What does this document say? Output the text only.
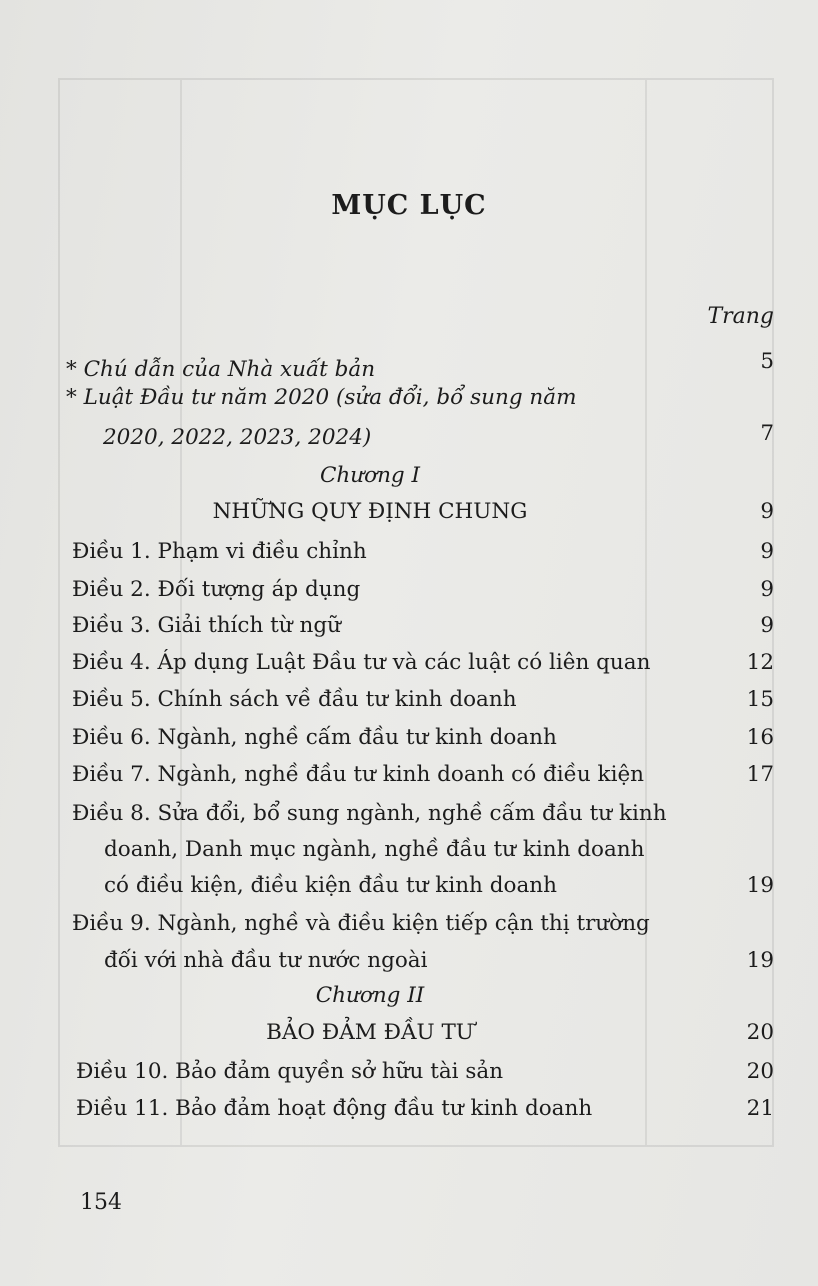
MỤC LỤC
Trang
* Chú dẫn của Nhà xuất bản	5
* Luật Đầu tư năm 2020 (sửa đổi, bổ sung năm
2020, 2022, 2023, 2024)	7
Chương I
NHỮNG QUY ĐỊNH CHUNG	9
Điều 1. Phạm vi điều chỉnh	9
Điều 2. Đối tượng áp dụng	9
Điều 3. Giải thích từ ngữ	9
Điều 4. Áp dụng Luật Đầu tư và các luật có liên quan	12
Điều 5. Chính sách về đầu tư kinh doanh	15
Điều 6. Ngành, nghề cấm đầu tư kinh doanh	16
Điều 7. Ngành, nghề đầu tư kinh doanh có điều kiện	17
Điều 8. Sửa đổi, bổ sung ngành, nghề cấm đầu tư kinh
doanh, Danh mục ngành, nghề đầu tư kinh doanh
có điều kiện, điều kiện đầu tư kinh doanh	19
Điều 9. Ngành, nghề và điều kiện tiếp cận thị trường
đối với nhà đầu tư nước ngoài	19
Chương II
BẢO ĐẢM ĐẦU TƯ	20
Điều 10. Bảo đảm quyền sở hữu tài sản	20
Điều 11. Bảo đảm hoạt động đầu tư kinh doanh	21
154
